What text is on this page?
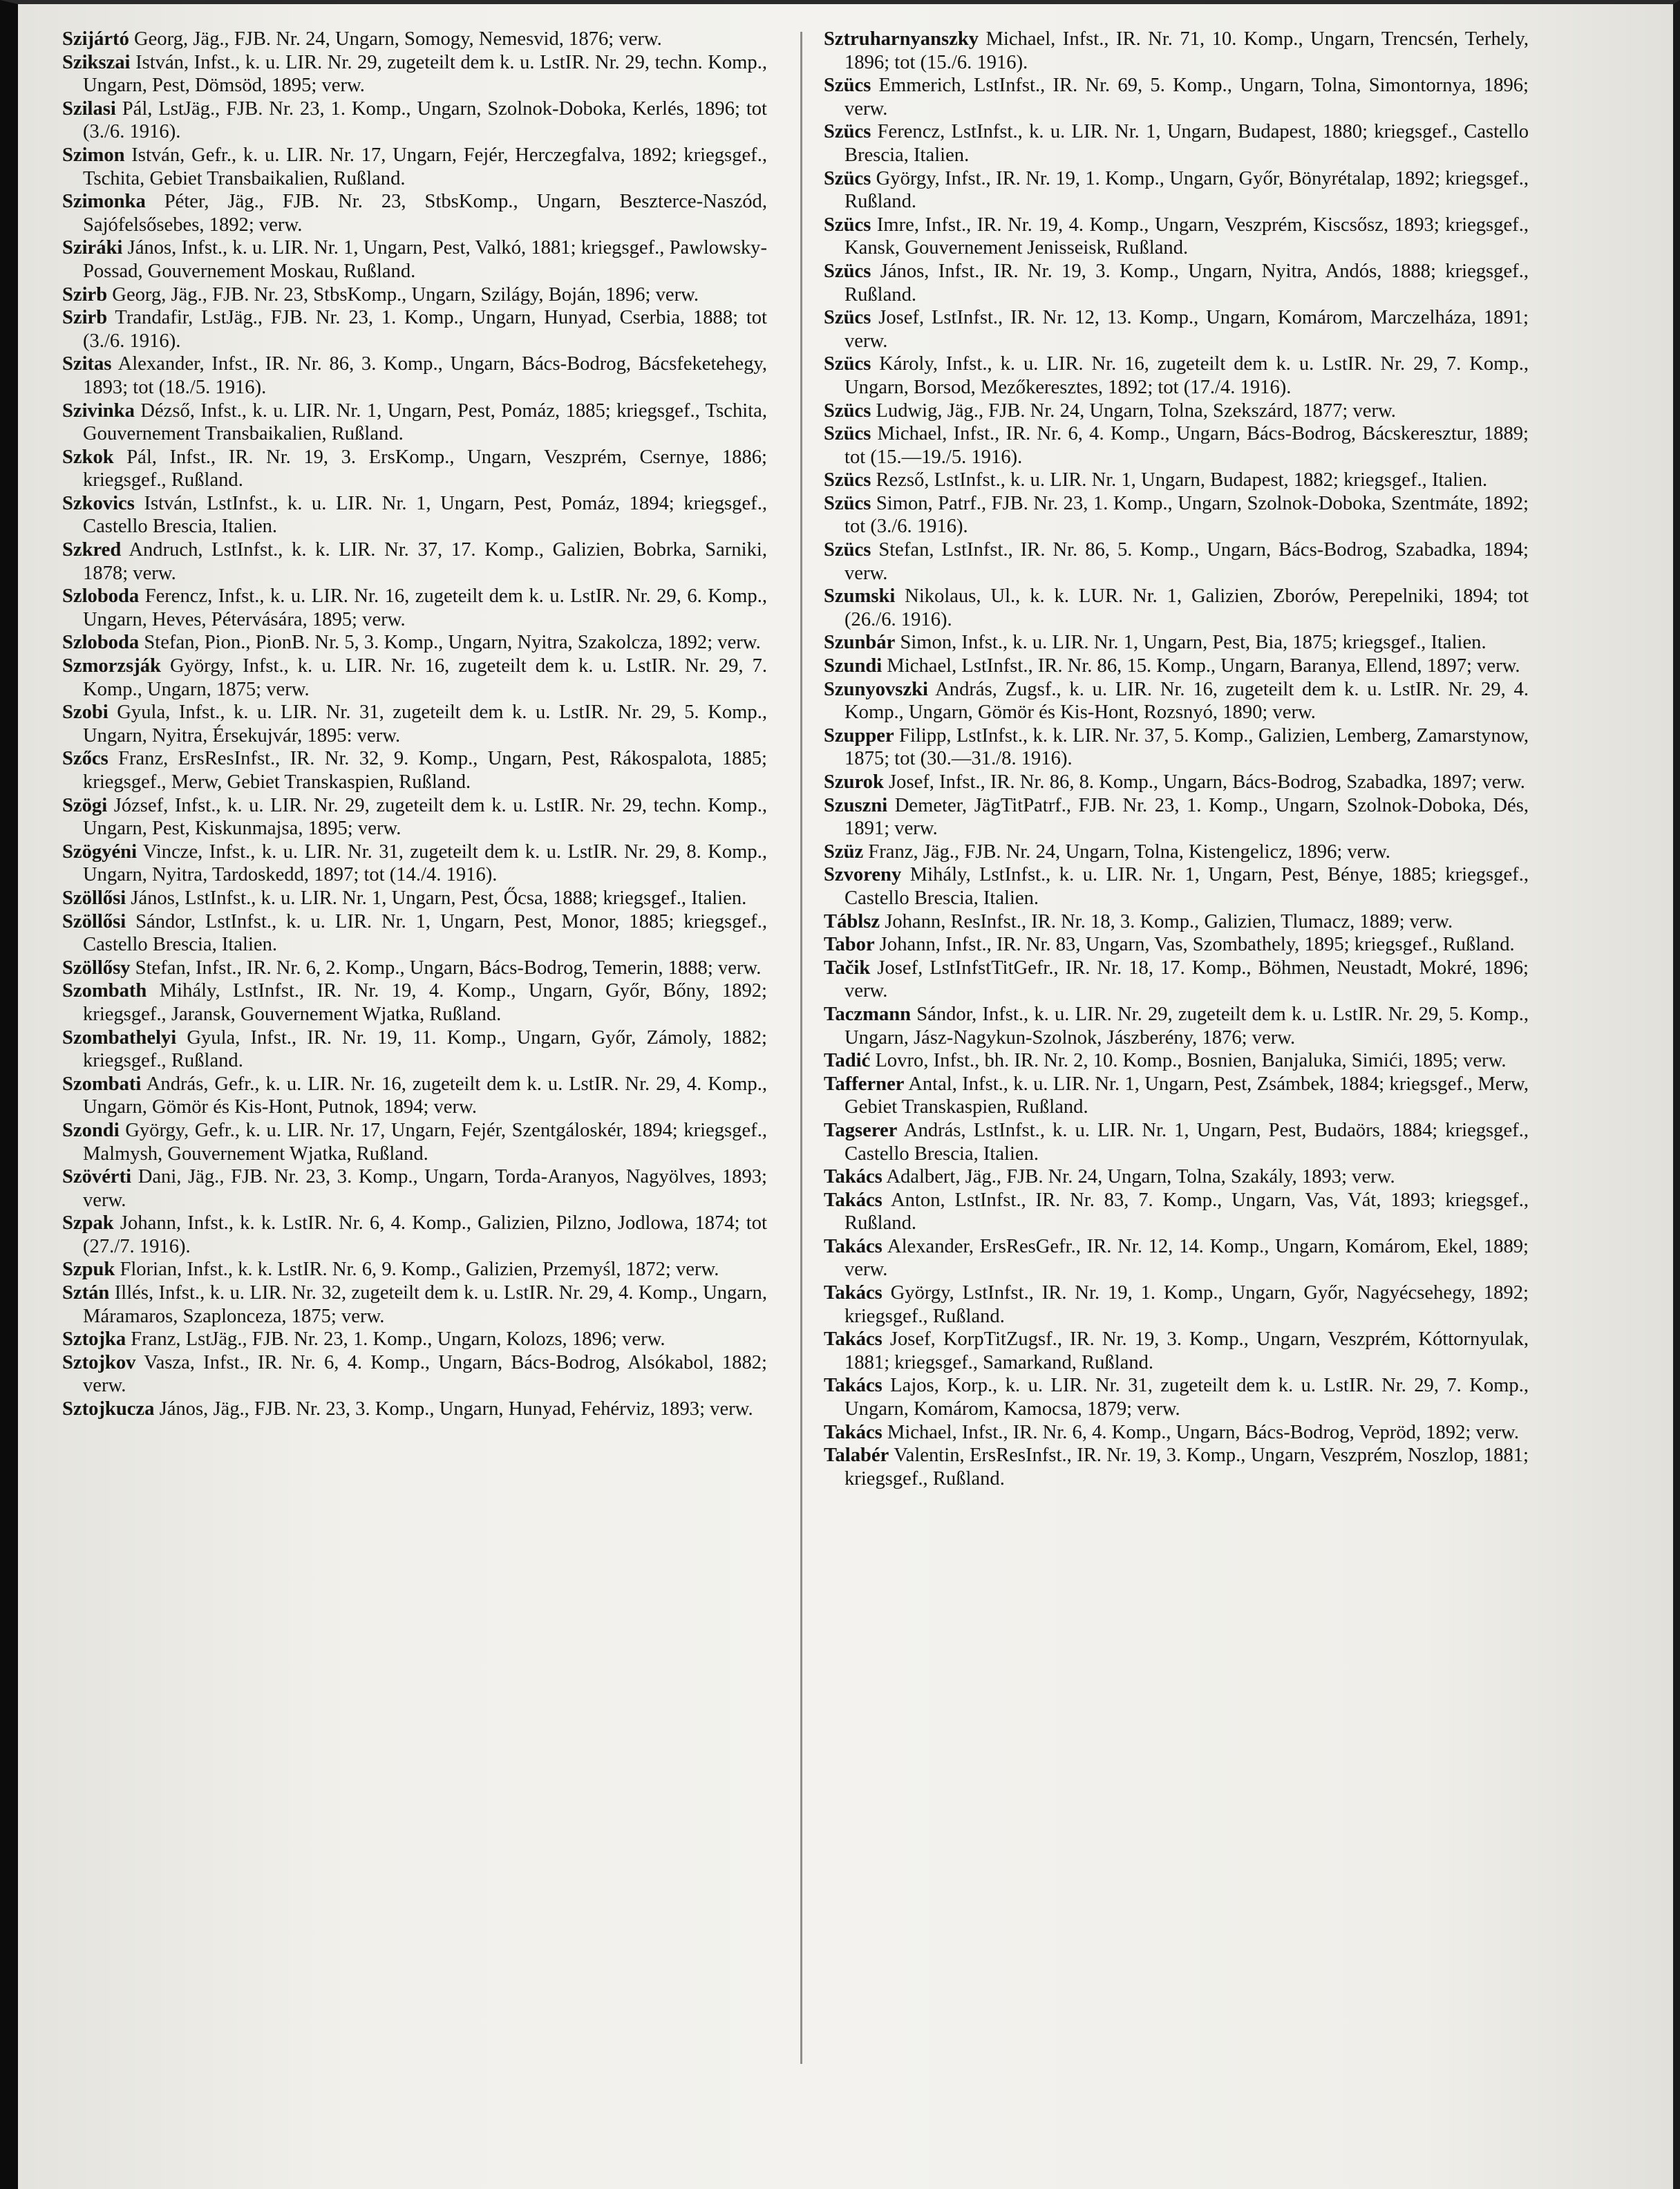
Szijártó Georg, Jäg., FJB. Nr. 24, Ungarn, Somogy, Nemesvid, 1876; verw.

Szikszai István, Infst., k. u. LIR. Nr. 29, zugeteilt dem k. u. LstIR. Nr. 29, techn. Komp., Ungarn, Pest, Dömsöd, 1895; verw.

Szilasi Pál, LstJäg., FJB. Nr. 23, 1. Komp., Ungarn, Szolnok-Doboka, Kerlés, 1896; tot (3./6. 1916).

Szimon István, Gefr., k. u. LIR. Nr. 17, Ungarn, Fejér, Herczegfalva, 1892; kriegsgef., Tschita, Gebiet Transbaikalien, Rußland.

Szimonka Péter, Jäg., FJB. Nr. 23, StbsKomp., Ungarn, Beszterce-Naszód, Sajófelsősebes, 1892; verw.

Sziráki János, Infst., k. u. LIR. Nr. 1, Ungarn, Pest, Valkó, 1881; kriegsgef., Pawlowsky-Possad, Gouvernement Moskau, Rußland.

Szirb Georg, Jäg., FJB. Nr. 23, StbsKomp., Ungarn, Szilágy, Boján, 1896; verw.

Szirb Trandafir, LstJäg., FJB. Nr. 23, 1. Komp., Ungarn, Hunyad, Cserbia, 1888; tot (3./6. 1916).

Szitas Alexander, Infst., IR. Nr. 86, 3. Komp., Ungarn, Bács-Bodrog, Bácsfeketehegy, 1893; tot (18./5. 1916).

Szivinka Dézső, Infst., k. u. LIR. Nr. 1, Ungarn, Pest, Pomáz, 1885; kriegsgef., Tschita, Gouvernement Transbaikalien, Rußland.

Szkok Pál, Infst., IR. Nr. 19, 3. ErsKomp., Ungarn, Veszprém, Csernye, 1886; kriegsgef., Rußland.

Szkovics István, LstInfst., k. u. LIR. Nr. 1, Ungarn, Pest, Pomáz, 1894; kriegsgef., Castello Brescia, Italien.

Szkred Andruch, LstInfst., k. k. LIR. Nr. 37, 17. Komp., Galizien, Bobrka, Sarniki, 1878; verw.

Szloboda Ferencz, Infst., k. u. LIR. Nr. 16, zugeteilt dem k. u. LstIR. Nr. 29, 6. Komp., Ungarn, Heves, Pétervására, 1895; verw.

Szloboda Stefan, Pion., PionB. Nr. 5, 3. Komp., Ungarn, Nyitra, Szakolcza, 1892; verw.

Szmorzsják György, Infst., k. u. LIR. Nr. 16, zugeteilt dem k. u. LstIR. Nr. 29, 7. Komp., Ungarn, 1875; verw.

Szobi Gyula, Infst., k. u. LIR. Nr. 31, zugeteilt dem k. u. LstIR. Nr. 29, 5. Komp., Ungarn, Nyitra, Érsekujvár, 1895: verw.

Szőcs Franz, ErsResInfst., IR. Nr. 32, 9. Komp., Ungarn, Pest, Rákospalota, 1885; kriegsgef., Merw, Gebiet Transkaspien, Rußland.

Szögi József, Infst., k. u. LIR. Nr. 29, zugeteilt dem k. u. LstIR. Nr. 29, techn. Komp., Ungarn, Pest, Kiskunmajsa, 1895; verw.

Szögyéni Vincze, Infst., k. u. LIR. Nr. 31, zugeteilt dem k. u. LstIR. Nr. 29, 8. Komp., Ungarn, Nyitra, Tardoskedd, 1897; tot (14./4. 1916).

Szöllősi János, LstInfst., k. u. LIR. Nr. 1, Ungarn, Pest, Őcsa, 1888; kriegsgef., Italien.

Szöllősi Sándor, LstInfst., k. u. LIR. Nr. 1, Ungarn, Pest, Monor, 1885; kriegsgef., Castello Brescia, Italien.

Szöllősy Stefan, Infst., IR. Nr. 6, 2. Komp., Ungarn, Bács-Bodrog, Temerin, 1888; verw.

Szombath Mihály, LstInfst., IR. Nr. 19, 4. Komp., Ungarn, Győr, Bőny, 1892; kriegsgef., Jaransk, Gouvernement Wjatka, Rußland.

Szombathelyi Gyula, Infst., IR. Nr. 19, 11. Komp., Ungarn, Győr, Zámoly, 1882; kriegsgef., Rußland.

Szombati András, Gefr., k. u. LIR. Nr. 16, zugeteilt dem k. u. LstIR. Nr. 29, 4. Komp., Ungarn, Gömör és Kis-Hont, Putnok, 1894; verw.

Szondi György, Gefr., k. u. LIR. Nr. 17, Ungarn, Fejér, Szentgáloskér, 1894; kriegsgef., Malmysh, Gouvernement Wjatka, Rußland.

Szövérti Dani, Jäg., FJB. Nr. 23, 3. Komp., Ungarn, Torda-Aranyos, Nagyölves, 1893; verw.

Szpak Johann, Infst., k. k. LstIR. Nr. 6, 4. Komp., Galizien, Pilzno, Jodlowa, 1874; tot (27./7. 1916).

Szpuk Florian, Infst., k. k. LstIR. Nr. 6, 9. Komp., Galizien, Przemyśl, 1872; verw.

Sztán Illés, Infst., k. u. LIR. Nr. 32, zugeteilt dem k. u. LstIR. Nr. 29, 4. Komp., Ungarn, Máramaros, Szaplonceza, 1875; verw.

Sztojka Franz, LstJäg., FJB. Nr. 23, 1. Komp., Ungarn, Kolozs, 1896; verw.

Sztojkov Vasza, Infst., IR. Nr. 6, 4. Komp., Ungarn, Bács-Bodrog, Alsókabol, 1882; verw.

Sztojkucza János, Jäg., FJB. Nr. 23, 3. Komp., Ungarn, Hunyad, Fehérviz, 1893; verw.

Sztruharnyanszky Michael, Infst., IR. Nr. 71, 10. Komp., Ungarn, Trencsén, Terhely, 1896; tot (15./6. 1916).

Szücs Emmerich, LstInfst., IR. Nr. 69, 5. Komp., Ungarn, Tolna, Simontornya, 1896; verw.

Szücs Ferencz, LstInfst., k. u. LIR. Nr. 1, Ungarn, Budapest, 1880; kriegsgef., Castello Brescia, Italien.

Szücs György, Infst., IR. Nr. 19, 1. Komp., Ungarn, Győr, Bönyrétalap, 1892; kriegsgef., Rußland.

Szücs Imre, Infst., IR. Nr. 19, 4. Komp., Ungarn, Veszprém, Kiscsősz, 1893; kriegsgef., Kansk, Gouvernement Jenisseisk, Rußland.

Szücs János, Infst., IR. Nr. 19, 3. Komp., Ungarn, Nyitra, Andós, 1888; kriegsgef., Rußland.

Szücs Josef, LstInfst., IR. Nr. 12, 13. Komp., Ungarn, Komárom, Marczelháza, 1891; verw.

Szücs Károly, Infst., k. u. LIR. Nr. 16, zugeteilt dem k. u. LstIR. Nr. 29, 7. Komp., Ungarn, Borsod, Mezőkeresztes, 1892; tot (17./4. 1916).

Szücs Ludwig, Jäg., FJB. Nr. 24, Ungarn, Tolna, Szekszárd, 1877; verw.

Szücs Michael, Infst., IR. Nr. 6, 4. Komp., Ungarn, Bács-Bodrog, Bácskeresztur, 1889; tot (15.—19./5. 1916).

Szücs Rezső, LstInfst., k. u. LIR. Nr. 1, Ungarn, Budapest, 1882; kriegsgef., Italien.

Szücs Simon, Patrf., FJB. Nr. 23, 1. Komp., Ungarn, Szolnok-Doboka, Szentmáte, 1892; tot (3./6. 1916).

Szücs Stefan, LstInfst., IR. Nr. 86, 5. Komp., Ungarn, Bács-Bodrog, Szabadka, 1894; verw.

Szumski Nikolaus, Ul., k. k. LUR. Nr. 1, Galizien, Zborów, Perepelniki, 1894; tot (26./6. 1916).

Szunbár Simon, Infst., k. u. LIR. Nr. 1, Ungarn, Pest, Bia, 1875; kriegsgef., Italien.

Szundi Michael, LstInfst., IR. Nr. 86, 15. Komp., Ungarn, Baranya, Ellend, 1897; verw.

Szunyovszki András, Zugsf., k. u. LIR. Nr. 16, zugeteilt dem k. u. LstIR. Nr. 29, 4. Komp., Ungarn, Gömör és Kis-Hont, Rozsnyó, 1890; verw.

Szupper Filipp, LstInfst., k. k. LIR. Nr. 37, 5. Komp., Galizien, Lemberg, Zamarstynow, 1875; tot (30.—31./8. 1916).

Szurok Josef, Infst., IR. Nr. 86, 8. Komp., Ungarn, Bács-Bodrog, Szabadka, 1897; verw.

Szuszni Demeter, JägTitPatrf., FJB. Nr. 23, 1. Komp., Ungarn, Szolnok-Doboka, Dés, 1891; verw.

Szüz Franz, Jäg., FJB. Nr. 24, Ungarn, Tolna, Kistengelicz, 1896; verw.

Szvoreny Mihály, LstInfst., k. u. LIR. Nr. 1, Ungarn, Pest, Bénye, 1885; kriegsgef., Castello Brescia, Italien.

Táblsz Johann, ResInfst., IR. Nr. 18, 3. Komp., Galizien, Tlumacz, 1889; verw.

Tabor Johann, Infst., IR. Nr. 83, Ungarn, Vas, Szombathely, 1895; kriegsgef., Rußland.

Tačik Josef, LstInfstTitGefr., IR. Nr. 18, 17. Komp., Böhmen, Neustadt, Mokré, 1896; verw.

Taczmann Sándor, Infst., k. u. LIR. Nr. 29, zugeteilt dem k. u. LstIR. Nr. 29, 5. Komp., Ungarn, Jász-Nagykun-Szolnok, Jászberény, 1876; verw.

Tadić Lovro, Infst., bh. IR. Nr. 2, 10. Komp., Bosnien, Banjaluka, Simići, 1895; verw.

Tafferner Antal, Infst., k. u. LIR. Nr. 1, Ungarn, Pest, Zsámbek, 1884; kriegsgef., Merw, Gebiet Transkaspien, Rußland.

Tagserer András, LstInfst., k. u. LIR. Nr. 1, Ungarn, Pest, Budaörs, 1884; kriegsgef., Castello Brescia, Italien.

Takács Adalbert, Jäg., FJB. Nr. 24, Ungarn, Tolna, Szakály, 1893; verw.

Takács Anton, LstInfst., IR. Nr. 83, 7. Komp., Ungarn, Vas, Vát, 1893; kriegsgef., Rußland.

Takács Alexander, ErsResGefr., IR. Nr. 12, 14. Komp., Ungarn, Komárom, Ekel, 1889; verw.

Takács György, LstInfst., IR. Nr. 19, 1. Komp., Ungarn, Győr, Nagyécsehegy, 1892; kriegsgef., Rußland.

Takács Josef, KorpTitZugsf., IR. Nr. 19, 3. Komp., Ungarn, Veszprém, Kóttornyulak, 1881; kriegsgef., Samarkand, Rußland.

Takács Lajos, Korp., k. u. LIR. Nr. 31, zugeteilt dem k. u. LstIR. Nr. 29, 7. Komp., Ungarn, Komárom, Kamocsa, 1879; verw.

Takács Michael, Infst., IR. Nr. 6, 4. Komp., Ungarn, Bács-Bodrog, Vepröd, 1892; verw.

Talabér Valentin, ErsResInfst., IR. Nr. 19, 3. Komp., Ungarn, Veszprém, Noszlop, 1881; kriegsgef., Rußland.
